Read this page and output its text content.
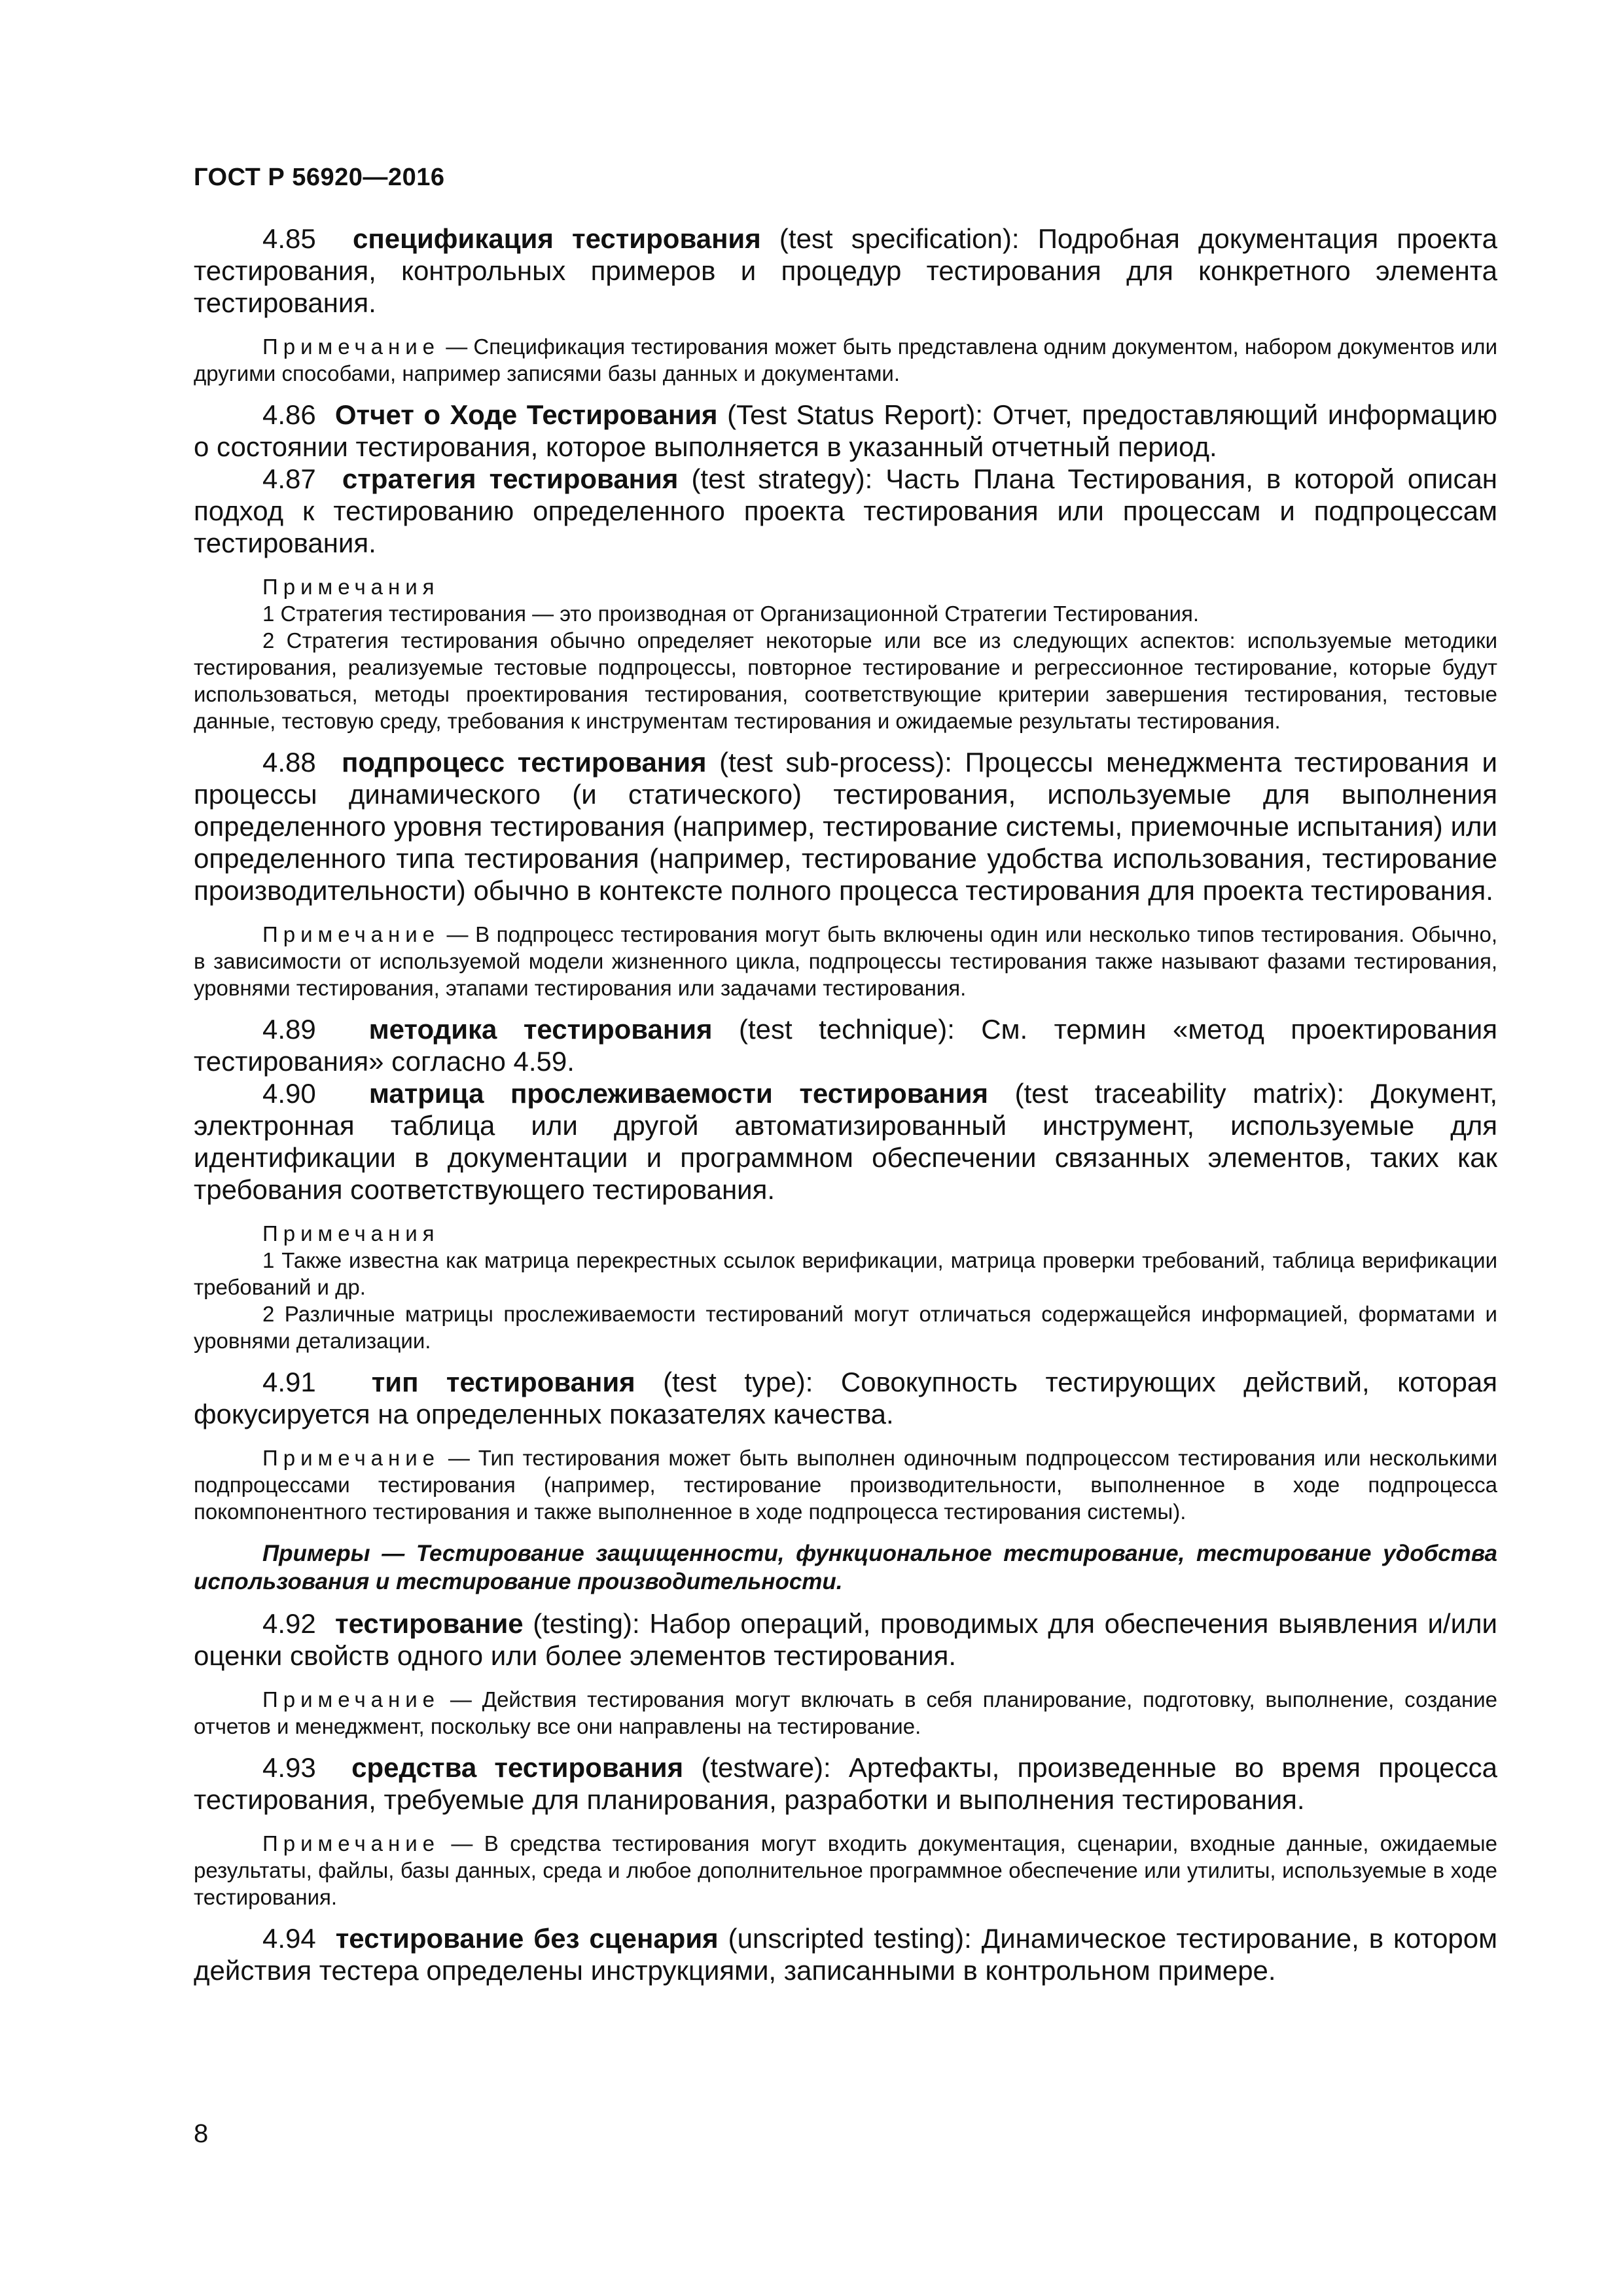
ГОСТ Р 56920—2016

4.85 спецификация тестирования (test specification): Подробная документация проекта тестирования, контрольных примеров и процедур тестирования для конкретного элемента тестирования.

Примечание — Спецификация тестирования может быть представлена одним документом, набором документов или другими способами, например записями базы данных и документами.

4.86 Отчет о Ходе Тестирования (Test Status Report): Отчет, предоставляющий информацию о состоянии тестирования, которое выполняется в указанный отчетный период.

4.87 стратегия тестирования (test strategy): Часть Плана Тестирования, в которой описан подход к тестированию определенного проекта тестирования или процессам и подпроцессам тестирования.

Примечания

1 Стратегия тестирования — это производная от Организационной Стратегии Тестирования.

2 Стратегия тестирования обычно определяет некоторые или все из следующих аспектов: используемые методики тестирования, реализуемые тестовые подпроцессы, повторное тестирование и регрессионное тестирование, которые будут использоваться, методы проектирования тестирования, соответствующие критерии завершения тестирования, тестовые данные, тестовую среду, требования к инструментам тестирования и ожидаемые результаты тестирования.

4.88 подпроцесс тестирования (test sub-process): Процессы менеджмента тестирования и процессы динамического (и статического) тестирования, используемые для выполнения определенного уровня тестирования (например, тестирование системы, приемочные испытания) или определенного типа тестирования (например, тестирование удобства использования, тестирование производительности) обычно в контексте полного процесса тестирования для проекта тестирования.

Примечание — В подпроцесс тестирования могут быть включены один или несколько типов тестирования. Обычно, в зависимости от используемой модели жизненного цикла, подпроцессы тестирования также называют фазами тестирования, уровнями тестирования, этапами тестирования или задачами тестирования.

4.89 методика тестирования (test technique): См. термин «метод проектирования тестирования» согласно 4.59.

4.90 матрица прослеживаемости тестирования (test traceability matrix): Документ, электронная таблица или другой автоматизированный инструмент, используемые для идентификации в документации и программном обеспечении связанных элементов, таких как требования соответствующего тестирования.

Примечания

1 Также известна как матрица перекрестных ссылок верификации, матрица проверки требований, таблица верификации требований и др.

2 Различные матрицы прослеживаемости тестирований могут отличаться содержащейся информацией, форматами и уровнями детализации.

4.91 тип тестирования (test type): Совокупность тестирующих действий, которая фокусируется на определенных показателях качества.

Примечание — Тип тестирования может быть выполнен одиночным подпроцессом тестирования или несколькими подпроцессами тестирования (например, тестирование производительности, выполненное в ходе подпроцесса покомпонентного тестирования и также выполненное в ходе подпроцесса тестирования системы).

Примеры — Тестирование защищенности, функциональное тестирование, тестирование удобства использования и тестирование производительности.

4.92 тестирование (testing): Набор операций, проводимых для обеспечения выявления и/или оценки свойств одного или более элементов тестирования.

Примечание — Действия тестирования могут включать в себя планирование, подготовку, выполнение, создание отчетов и менеджмент, поскольку все они направлены на тестирование.

4.93 средства тестирования (testware): Артефакты, произведенные во время процесса тестирования, требуемые для планирования, разработки и выполнения тестирования.

Примечание — В средства тестирования могут входить документация, сценарии, входные данные, ожидаемые результаты, файлы, базы данных, среда и любое дополнительное программное обеспечение или утилиты, используемые в ходе тестирования.

4.94 тестирование без сценария (unscripted testing): Динамическое тестирование, в котором действия тестера определены инструкциями, записанными в контрольном примере.

8
